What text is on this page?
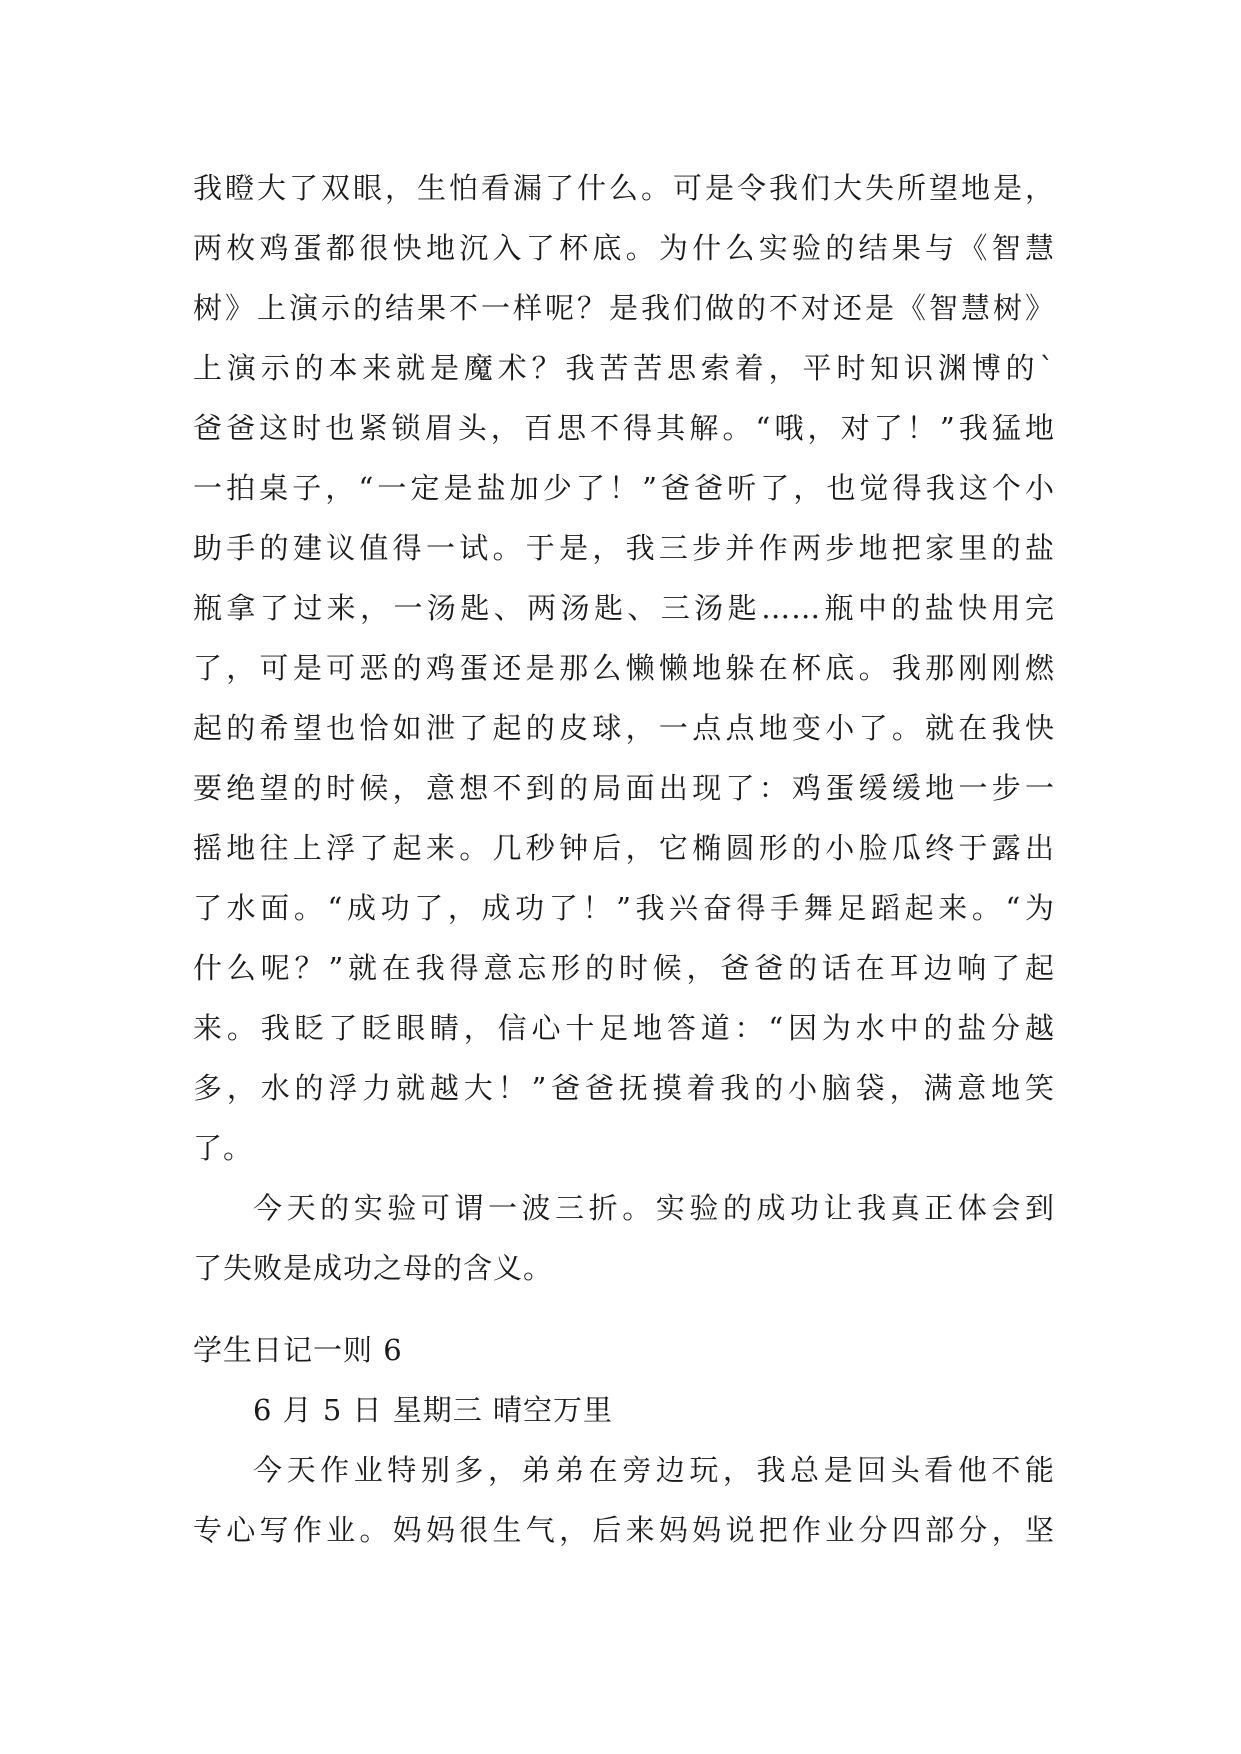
我瞪大了双眼，生怕看漏了什么。可是令我们大失所望地是，
两枚鸡蛋都很快地沉入了杯底。为什么实验的结果与《智慧
树》上演示的结果不一样呢？是我们做的不对还是《智慧树》
上演示的本来就是魔术？我苦苦思索着，平时知识渊博的`
爸爸这时也紧锁眉头，百思不得其解。“哦，对了！”我猛地
一拍桌子，“一定是盐加少了！”爸爸听了，也觉得我这个小
助手的建议值得一试。于是，我三步并作两步地把家里的盐
瓶拿了过来，一汤匙、两汤匙、三汤匙……瓶中的盐快用完
了，可是可恶的鸡蛋还是那么懒懒地躲在杯底。我那刚刚燃
起的希望也恰如泄了起的皮球，一点点地变小了。就在我快
要绝望的时候，意想不到的局面出现了：鸡蛋缓缓地一步一
摇地往上浮了起来。几秒钟后，它椭圆形的小脸瓜终于露出
了水面。“成功了，成功了！”我兴奋得手舞足蹈起来。“为
什么呢？”就在我得意忘形的时候，爸爸的话在耳边响了起
来。我眨了眨眼睛，信心十足地答道：“因为水中的盐分越
多，水的浮力就越大！”爸爸抚摸着我的小脑袋，满意地笑
了。
今天的实验可谓一波三折。实验的成功让我真正体会到
了失败是成功之母的含义。
学生日记一则 6
6 月 5 日 星期三 晴空万里
今天作业特别多，弟弟在旁边玩，我总是回头看他不能
专心写作业。妈妈很生气，后来妈妈说把作业分四部分，坚
